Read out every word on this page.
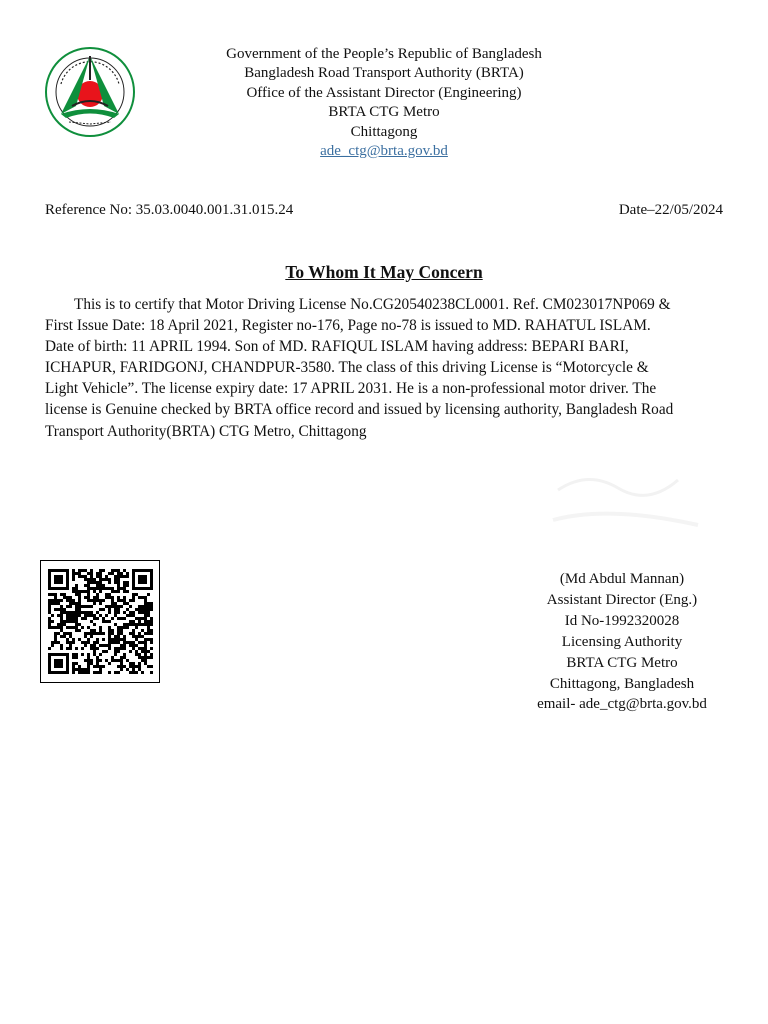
Government of the People’s Republic of Bangladesh
Bangladesh Road Transport Authority (BRTA)
Office of the Assistant Director (Engineering)
BRTA CTG Metro
Chittagong
ade_ctg@brta.gov.bd
Reference No: 35.03.0040.001.31.015.24	Date–22/05/2024
To Whom It May Concern
This is to certify that Motor Driving License No.CG20540238CL0001. Ref. CM023017NP069 &
First Issue Date: 18 April 2021, Register no-176, Page no-78 is issued to MD. RAHATUL ISLAM.
Date of birth: 11 APRIL 1994. Son of MD. RAFIQUL ISLAM having address: BEPARI BARI,
ICHAPUR, FARIDGONJ, CHANDPUR-3580. The class of this driving License is “Motorcycle &
Light Vehicle”. The license expiry date: 17 APRIL 2031. He is a non-professional motor driver. The
license is Genuine checked by BRTA office record and issued by licensing authority, Bangladesh Road
Transport Authority(BRTA) CTG Metro, Chittagong
(Md Abdul Mannan)
Assistant Director (Eng.)
Id No-1992320028
Licensing Authority
BRTA CTG Metro
Chittagong, Bangladesh
email- ade_ctg@brta.gov.bd
